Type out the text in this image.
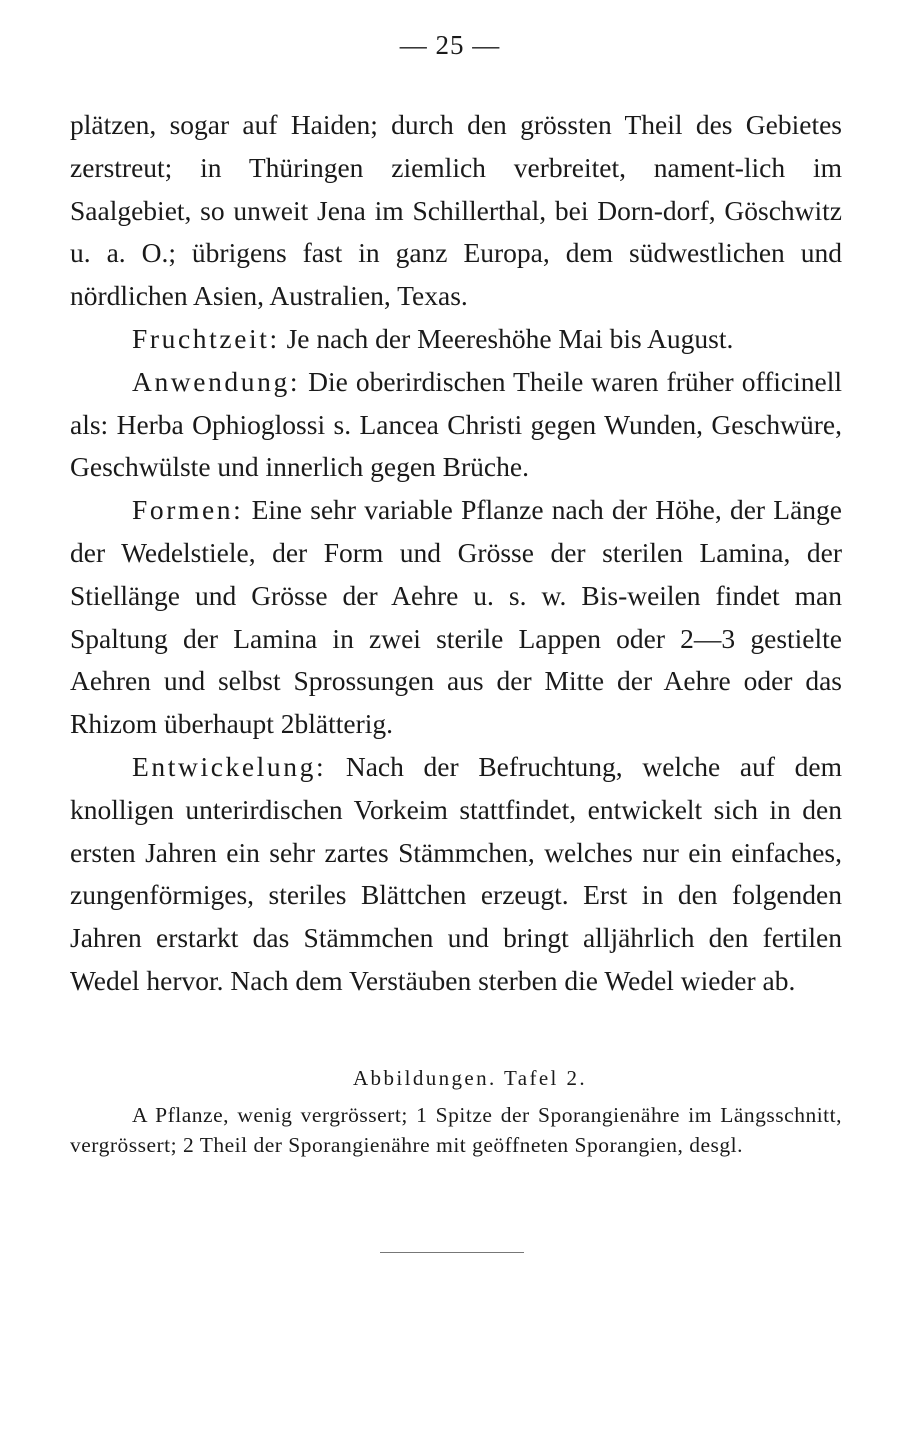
— 25 —

plätzen, sogar auf Haiden; durch den grössten Theil des Gebietes zerstreut; in Thüringen ziemlich verbreitet, nament-lich im Saalgebiet, so unweit Jena im Schillerthal, bei Dorn-dorf, Göschwitz u. a. O.; übrigens fast in ganz Europa, dem südwestlichen und nördlichen Asien, Australien, Texas.

Fruchtzeit: Je nach der Meereshöhe Mai bis August.

Anwendung: Die oberirdischen Theile waren früher officinell als: Herba Ophioglossi s. Lancea Christi gegen Wunden, Geschwüre, Geschwülste und innerlich gegen Brüche.

Formen: Eine sehr variable Pflanze nach der Höhe, der Länge der Wedelstiele, der Form und Grösse der sterilen Lamina, der Stiellänge und Grösse der Aehre u. s. w. Bis-weilen findet man Spaltung der Lamina in zwei sterile Lappen oder 2—3 gestielte Aehren und selbst Sprossungen aus der Mitte der Aehre oder das Rhizom überhaupt 2blätterig.

Entwickelung: Nach der Befruchtung, welche auf dem knolligen unterirdischen Vorkeim stattfindet, entwickelt sich in den ersten Jahren ein sehr zartes Stämmchen, welches nur ein einfaches, zungenförmiges, steriles Blättchen erzeugt. Erst in den folgenden Jahren erstarkt das Stämmchen und bringt alljährlich den fertilen Wedel hervor. Nach dem Verstäuben sterben die Wedel wieder ab.

Abbildungen. Tafel 2.

A Pflanze, wenig vergrössert; 1 Spitze der Sporangienähre im Längsschnitt, vergrössert; 2 Theil der Sporangienähre mit geöffneten Sporangien, desgl.
